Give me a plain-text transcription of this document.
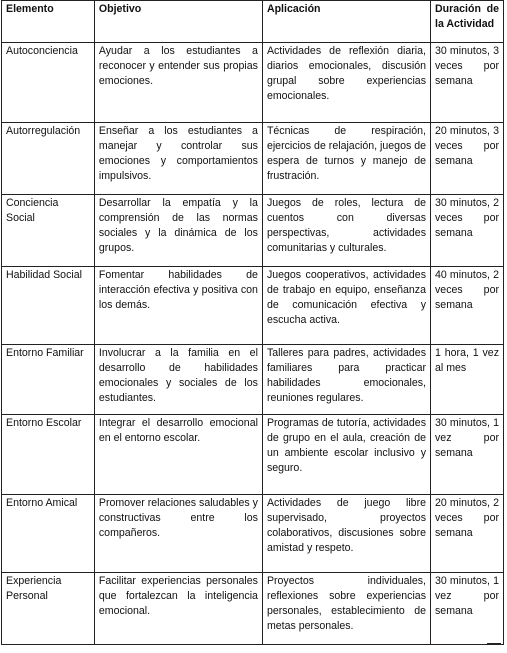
Elemento	Objetivo	Aplicación	Duración de la Actividad
Autoconciencia	Ayudar a los estudiantes a reconocer y entender sus propias emociones.	Actividades de reflexión diaria, diarios emocionales, discusión grupal sobre experiencias emocionales.	30 minutos, 3 veces por semana
Autorregulación	Enseñar a los estudiantes a manejar y controlar sus emociones y comportamientos impulsivos.	Técnicas de respiración, ejercicios de relajación, juegos de espera de turnos y manejo de frustración.	20 minutos, 3 veces por semana
Conciencia Social	Desarrollar la empatía y la comprensión de las normas sociales y la dinámica de los grupos.	Juegos de roles, lectura de cuentos con diversas perspectivas, actividades comunitarias y culturales.	30 minutos, 2 veces por semana
Habilidad Social	Fomentar habilidades de interacción efectiva y positiva con los demás.	Juegos cooperativos, actividades de trabajo en equipo, enseñanza de comunicación efectiva y escucha activa.	40 minutos, 2 veces por semana
Entorno Familiar	Involucrar a la familia en el desarrollo de habilidades emocionales y sociales de los estudiantes.	Talleres para padres, actividades familiares para practicar habilidades emocionales, reuniones regulares.	1 hora, 1 vez al mes
Entorno Escolar	Integrar el desarrollo emocional en el entorno escolar.	Programas de tutoría, actividades de grupo en el aula, creación de un ambiente escolar inclusivo y seguro.	30 minutos, 1 vez por semana
Entorno Amical	Promover relaciones saludables y constructivas entre los compañeros.	Actividades de juego libre supervisado, proyectos colaborativos, discusiones sobre amistad y respeto.	20 minutos, 2 veces por semana
Experiencia Personal	Facilitar experiencias personales que fortalezcan la inteligencia emocional.	Proyectos individuales, reflexiones sobre experiencias personales, establecimiento de metas personales.	30 minutos, 1 vez por semana
